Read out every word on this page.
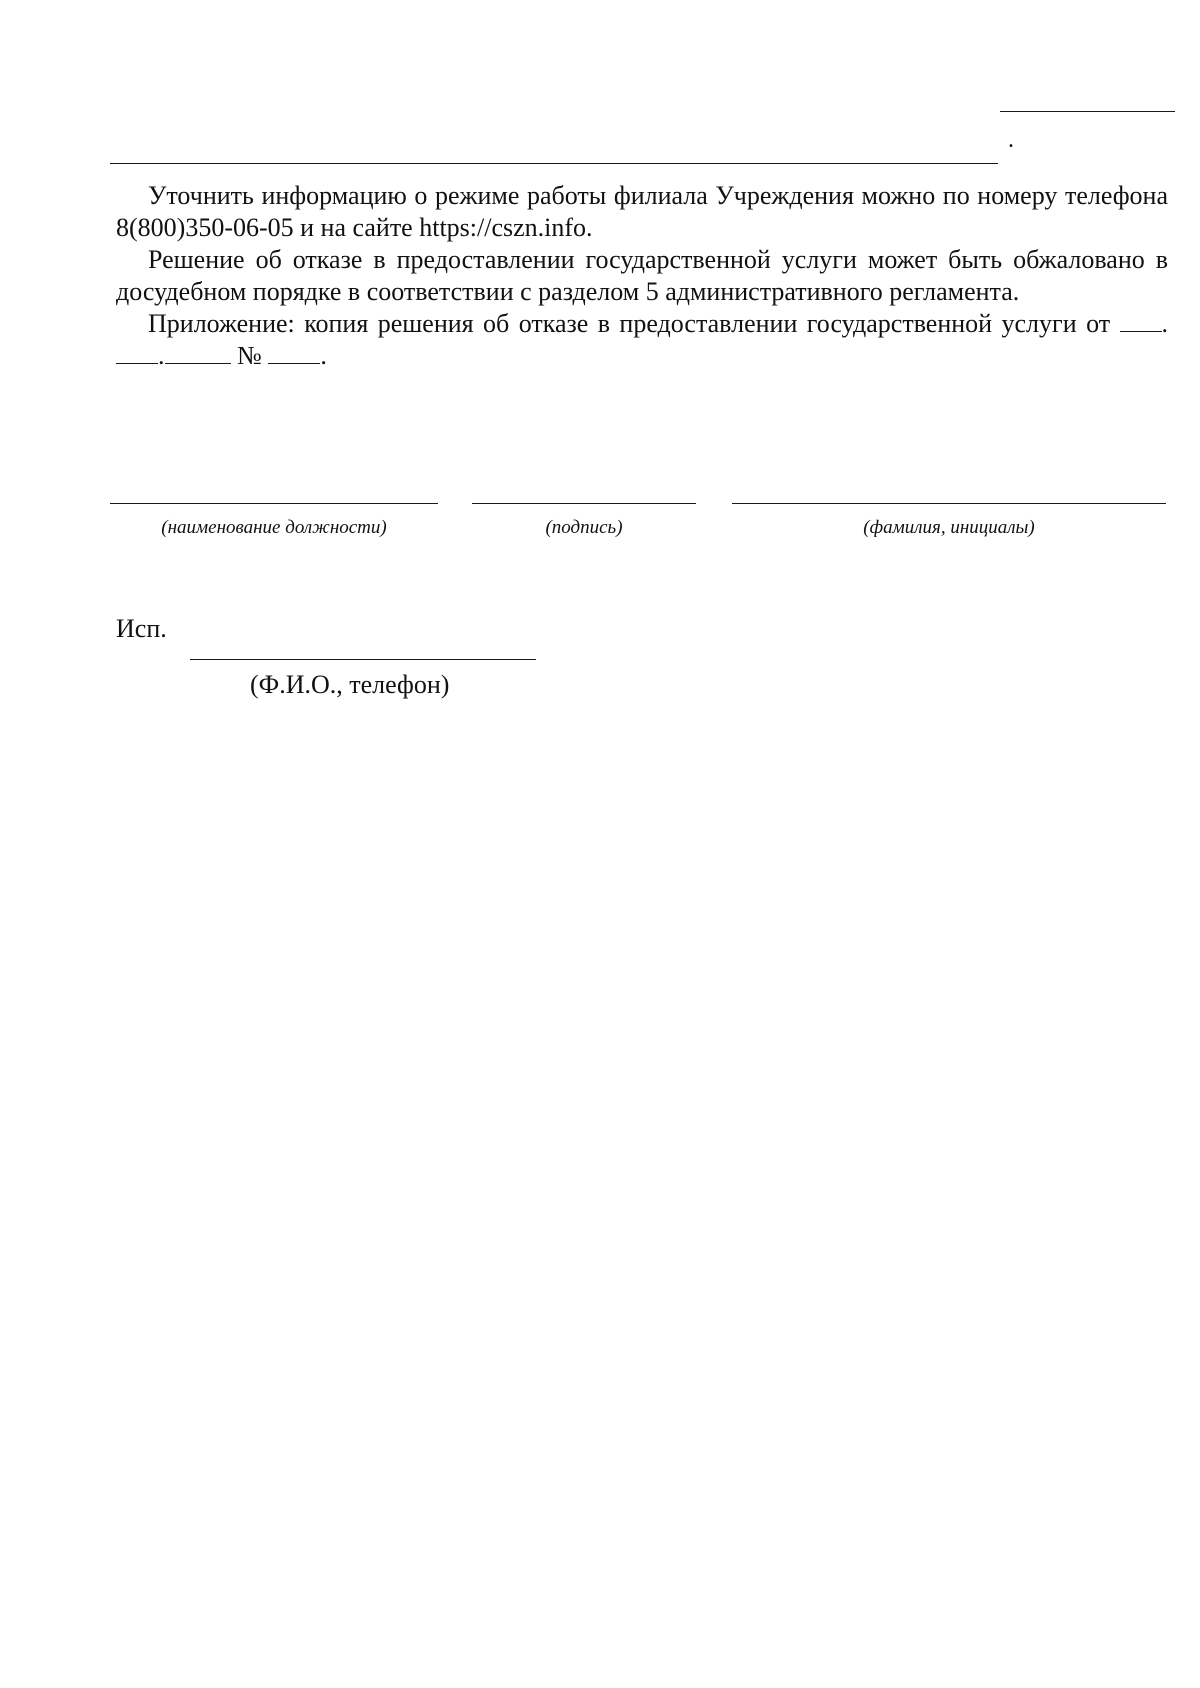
.

Уточнить информацию о режиме работы филиала Учреждения можно по номеру телефона 8(800)350-06-05 и на сайте https://cszn.info.

Решение об отказе в предоставлении государственной услуги может быть обжаловано в досудебном порядке в соответствии с разделом 5 административного регламента.

Приложение: копия решения об отказе в предоставлении государственной услуги от ..	№ .

(наименование должности)	(подпись)	(фамилия, инициалы)
Исп.
(Ф.И.О., телефон)
